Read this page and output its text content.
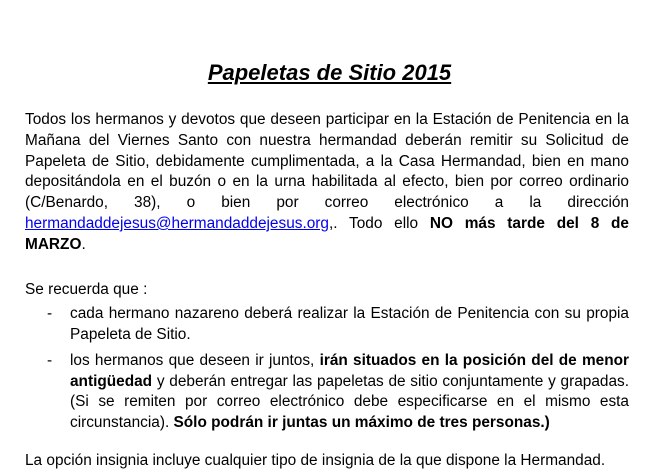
Papeletas de Sitio 2015

Todos los hermanos y devotos que deseen participar en la Estación de Penitencia en la Mañana del Viernes Santo con nuestra hermandad deberán remitir su Solicitud de Papeleta de Sitio, debidamente cumplimentada, a la Casa Hermandad, bien en mano depositándola en el buzón o en la urna habilitada al efecto, bien por correo ordinario (C/Benardo, 38), o bien por correo electrónico a la dirección hermandaddejesus@hermandaddejesus.org,. Todo ello NO más tarde del 8 de MARZO.

Se recuerda que :

- cada hermano nazareno deberá realizar la Estación de Penitencia con su propia Papeleta de Sitio.
- los hermanos que deseen ir juntos, irán situados en la posición del de menor antigüedad y deberán entregar las papeletas de sitio conjuntamente y grapadas. (Si se remiten por correo electrónico debe especificarse en el mismo esta circunstancia). Sólo podrán ir juntas un máximo de tres personas.)

La opción insignia incluye cualquier tipo de insignia de la que dispone la Hermandad.
